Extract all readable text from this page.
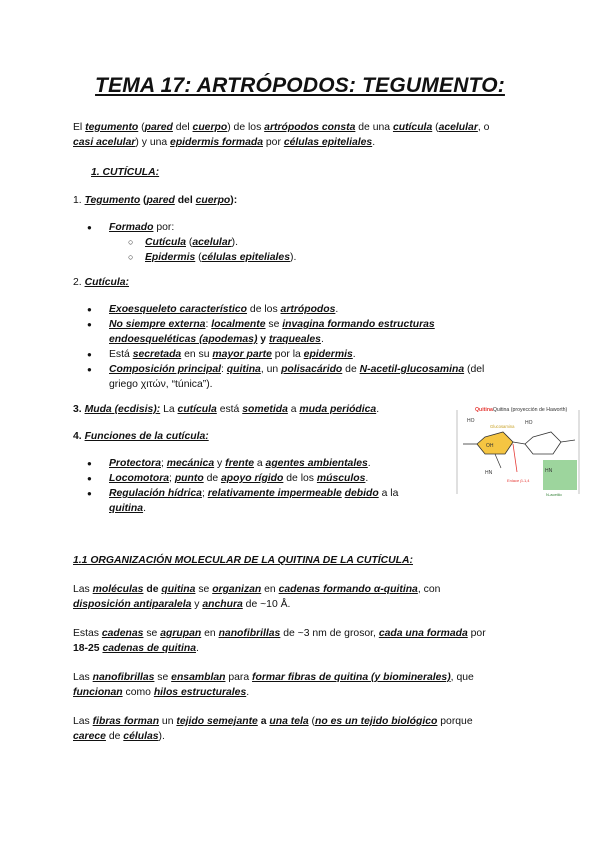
TEMA 17: ARTRÓPODOS: TEGUMENTO:
El tegumento (pared del cuerpo) de los artrópodos consta de una cutícula (acelular, o
casi acelular) y una epidermis formada por células epiteliales.
1. CUTÍCULA:
1. Tegumento (pared del cuerpo):
● Formado por:
○ Cutícula (acelular).
○ Epidermis (células epiteliales).
2. Cutícula:
● Exoesqueleto característico de los artrópodos.
● No siempre externa: localmente se invagina formando estructuras
endoesqueléticas (apodemas) y traqueales.
● Está secretada en su mayor parte por la epidermis.
● Composición principal: quitina, un polisacárido de N-acetil-glucosamina (del
griego χιτών, “túnica”).
3. Muda (ecdisis): La cutícula está sometida a muda periódica.
4. Funciones de la cutícula:
● Protectora; mecánica y frente a agentes ambientales.
● Locomotora; punto de apoyo rígido de los músculos.
● Regulación hídrica; relativamente impermeable debido a la
quitina.
QuitinaQuitina (proyección de Haworth)
Glucosamina
OH
HO	HO
HN	HN
Enlace β-1,4
N-acetilo
1.1 ORGANIZACIÓN MOLECULAR DE LA QUITINA DE LA CUTÍCULA:
Las moléculas de quitina se organizan en cadenas formando α-quitina, con
disposición antiparalela y anchura de ~10 Å.
Estas cadenas se agrupan en nanofibrillas de ~3 nm de grosor, cada una formada por
18-25 cadenas de quitina.
Las nanofibrillas se ensamblan para formar fibras de quitina (y biominerales), que
funcionan como hilos estructurales.
Las fibras forman un tejido semejante a una tela (no es un tejido biológico porque
carece de células).
